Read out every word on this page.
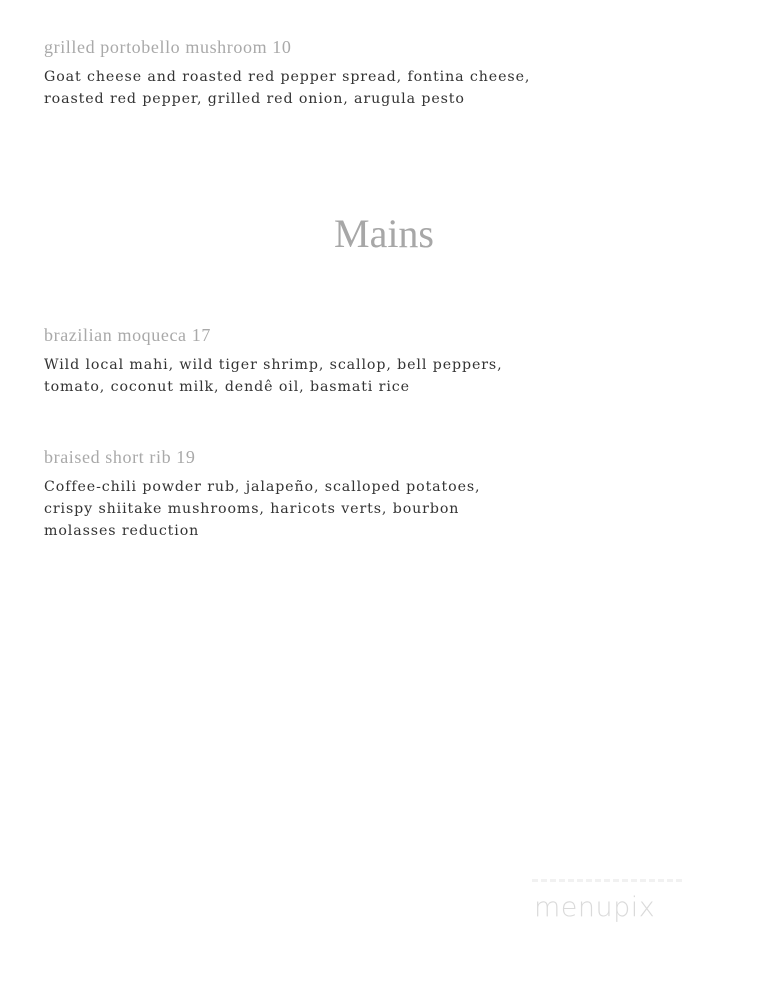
grilled portobello mushroom 10
Goat cheese and roasted red pepper spread, fontina cheese,
roasted red pepper, grilled red onion, arugula pesto
Mains
brazilian moqueca 17
Wild local mahi, wild tiger shrimp, scallop, bell peppers,
tomato, coconut milk, dendê oil, basmati rice
braised short rib 19
Coffee-chili powder rub, jalapeño, scalloped potatoes,
crispy shiitake mushrooms, haricots verts, bourbon
molasses reduction
menupix
